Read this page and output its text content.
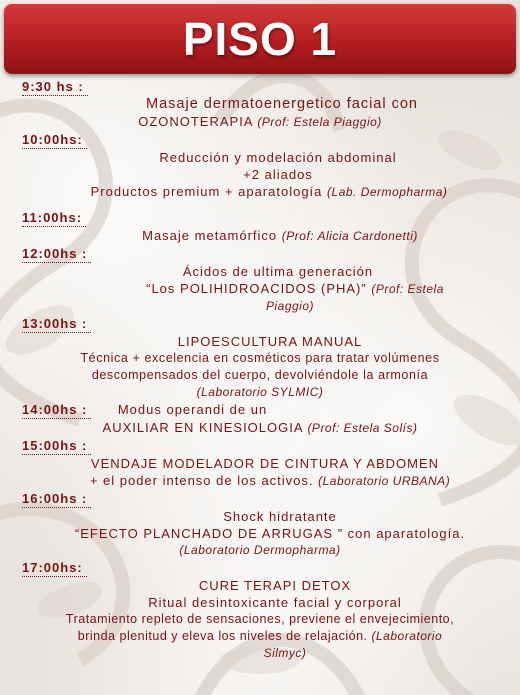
PISO 1
9:30 hs :
Masaje dermatoenergetico facial con
OZONOTERAPIA (Prof: Estela Piaggio)
10:00hs:
Reducción y modelación abdominal
+2 aliados
Productos premium + aparatología (Lab. Dermopharma)
11:00hs:
Masaje metamórfico (Prof: Alicia Cardonetti)
12:00hs :
Ácidos de ultima generación
“Los POLIHIDROACIDOS (PHA)” (Prof: Estela
Piaggio)
13:00hs :
LIPOESCULTURA MANUAL
Técnica + excelencia en cosméticos para tratar volúmenes
descompensados del cuerpo, devolviéndole la armonía
(Laboratorio SYLMIC)
14:00hs : Modus operandi de un
AUXILIAR EN KINESIOLOGIA (Prof: Estela Solís)
15:00hs :
VENDAJE MODELADOR DE CINTURA Y ABDOMEN
+ el poder intenso de los activos. (Laboratorio URBANA)
16:00hs :
Shock hidratante
“EFECTO PLANCHADO DE ARRUGAS ” con aparatología.
(Laboratorio Dermopharma)
17:00hs:
CURE TERAPI DETOX
Ritual desintoxicante facial y corporal
Tratamiento repleto de sensaciones, previene el envejecimiento,
brinda plenitud y eleva los niveles de relajación. (Laboratorio
Silmyc)
